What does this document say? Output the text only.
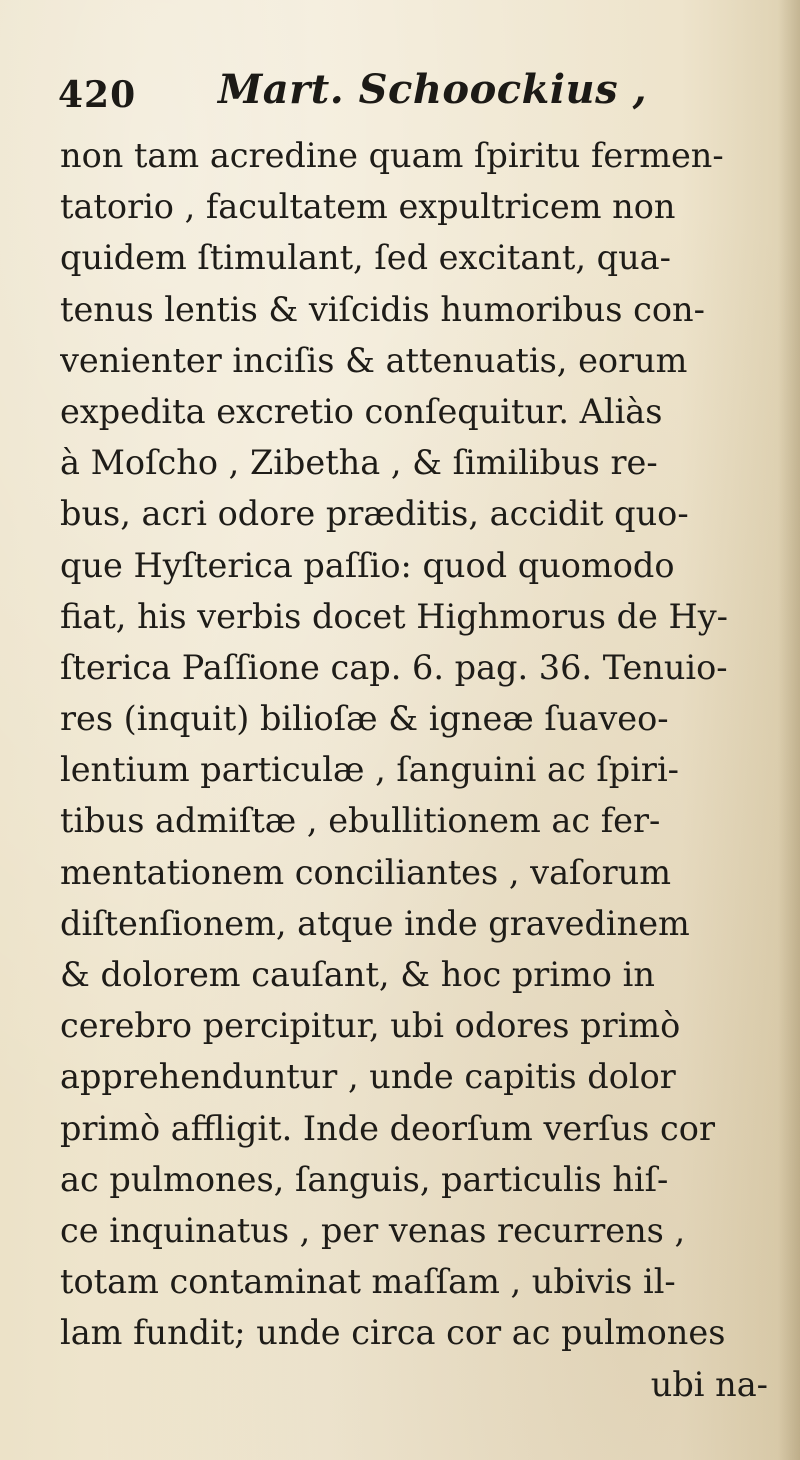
420 Mart. Schoockius ,
non tam acredine quam ſpiritu fermen-
tatorio , facultatem expultricem non
quidem ſtimulant, ſed excitant, qua-
tenus lentis & viſcidis humoribus con-
venienter inciſis & attenuatis, eorum
expedita excretio conſequitur. Aliàs
à Moſcho , Zibetha , & ſimilibus re-
bus, acri odore præditis, accidit quo-
que Hyſterica paſſio: quod quomodo
fiat, his verbis docet Highmorus de Hy-
ſterica Paſſione cap. 6. pag. 36. Tenuio-
res (inquit) bilioſæ & igneæ ſuaveo-
lentium particulæ , ſanguini ac ſpiri-
tibus admiſtæ , ebullitionem ac fer-
mentationem conciliantes , vaſorum
diſtenſionem, atque inde gravedinem
& dolorem cauſant, & hoc primo in
cerebro percipitur, ubi odores primò
apprehenduntur , unde capitis dolor
primò affligit. Inde deorſum verſus cor
ac pulmones, ſanguis, particulis hiſ-
ce inquinatus , per venas recurrens ,
totam contaminat maſſam , ubivis il-
lam fundit; unde circa cor ac pulmones
ubi na-
